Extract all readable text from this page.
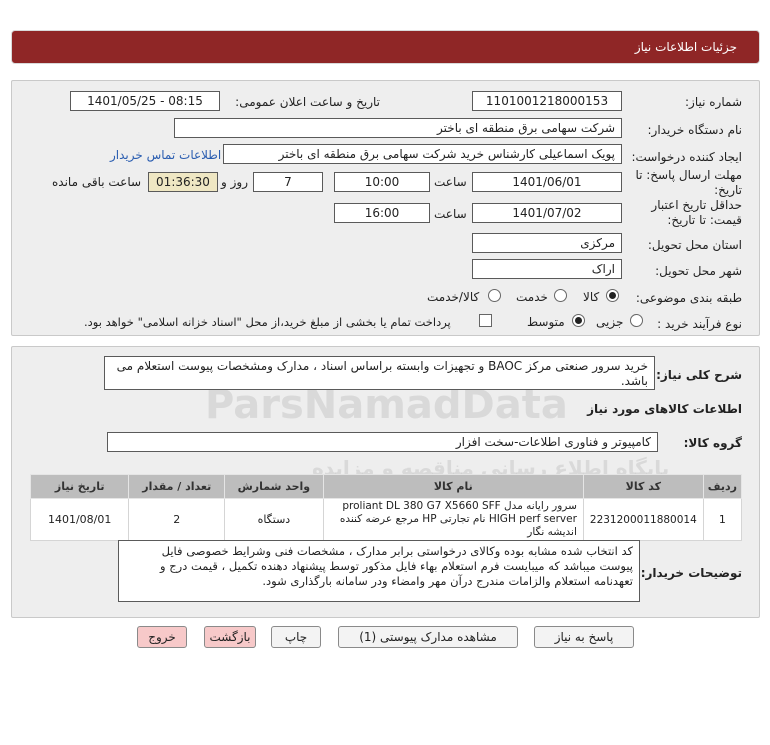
جزئیات اطلاعات نیاز
شماره نیاز:
1101001218000153
تاریخ و ساعت اعلان عمومی:
1401/05/25 - 08:15
نام دستگاه خریدار:
شرکت سهامی برق منطقه ای باختر
ایجاد کننده درخواست:
پویک اسماعیلی کارشناس خرید شرکت سهامی برق منطقه ای باختر
اطلاعات تماس خریدار
مهلت ارسال پاسخ: تا تاریخ:
1401/06/01
ساعت
10:00
7
روز و
01:36:30
ساعت باقی مانده
حداقل تاریخ اعتبار قیمت: تا تاریخ:
1401/07/02
ساعت
16:00
استان محل تحویل:
مرکزی
شهر محل تحویل:
اراک
طبقه بندی موضوعی:
کالا
خدمت
کالا/خدمت
نوع فرآیند خرید :
جزیی
متوسط
پرداخت تمام یا بخشی از مبلغ خرید،از محل "اسناد خزانه اسلامی" خواهد بود.
شرح کلی نیاز:
خرید سرور صنعتی مرکز BAOC و تجهیزات وابسته براساس اسناد ، مدارک ومشخصات پیوست استعلام می باشد.
اطلاعات کالاهای مورد نیاز
گروه کالا:
کامپیوتر و فناوری اطلاعات-سخت افزار
ردیف	کد کالا	نام کالا	واحد شمارش	تعداد / مقدار	تاریخ نیاز
1	2231200011880014	سرور رایانه مدل proliant DL 380 G7 X5660 SFF HIGH perf server نام تجارتی HP مرجع عرضه کننده اندیشه نگار	دستگاه	2	1401/08/01
توضیحات خریدار:
کد انتخاب شده مشابه بوده وکالای درخواستی برابر مدارک ، مشخصات فنی وشرایط خصوصی فایل پیوست میباشد که میبایست فرم استعلام بهاء فایل مذکور توسط پیشنهاد دهنده تکمیل ، قیمت درج و تعهدنامه استعلام والزامات مندرج درآن مهر وامضاء ودر سامانه بارگذاری شود.
پاسخ به نیاز
مشاهده مدارک پیوستی (1)
چاپ
بازگشت
خروج
